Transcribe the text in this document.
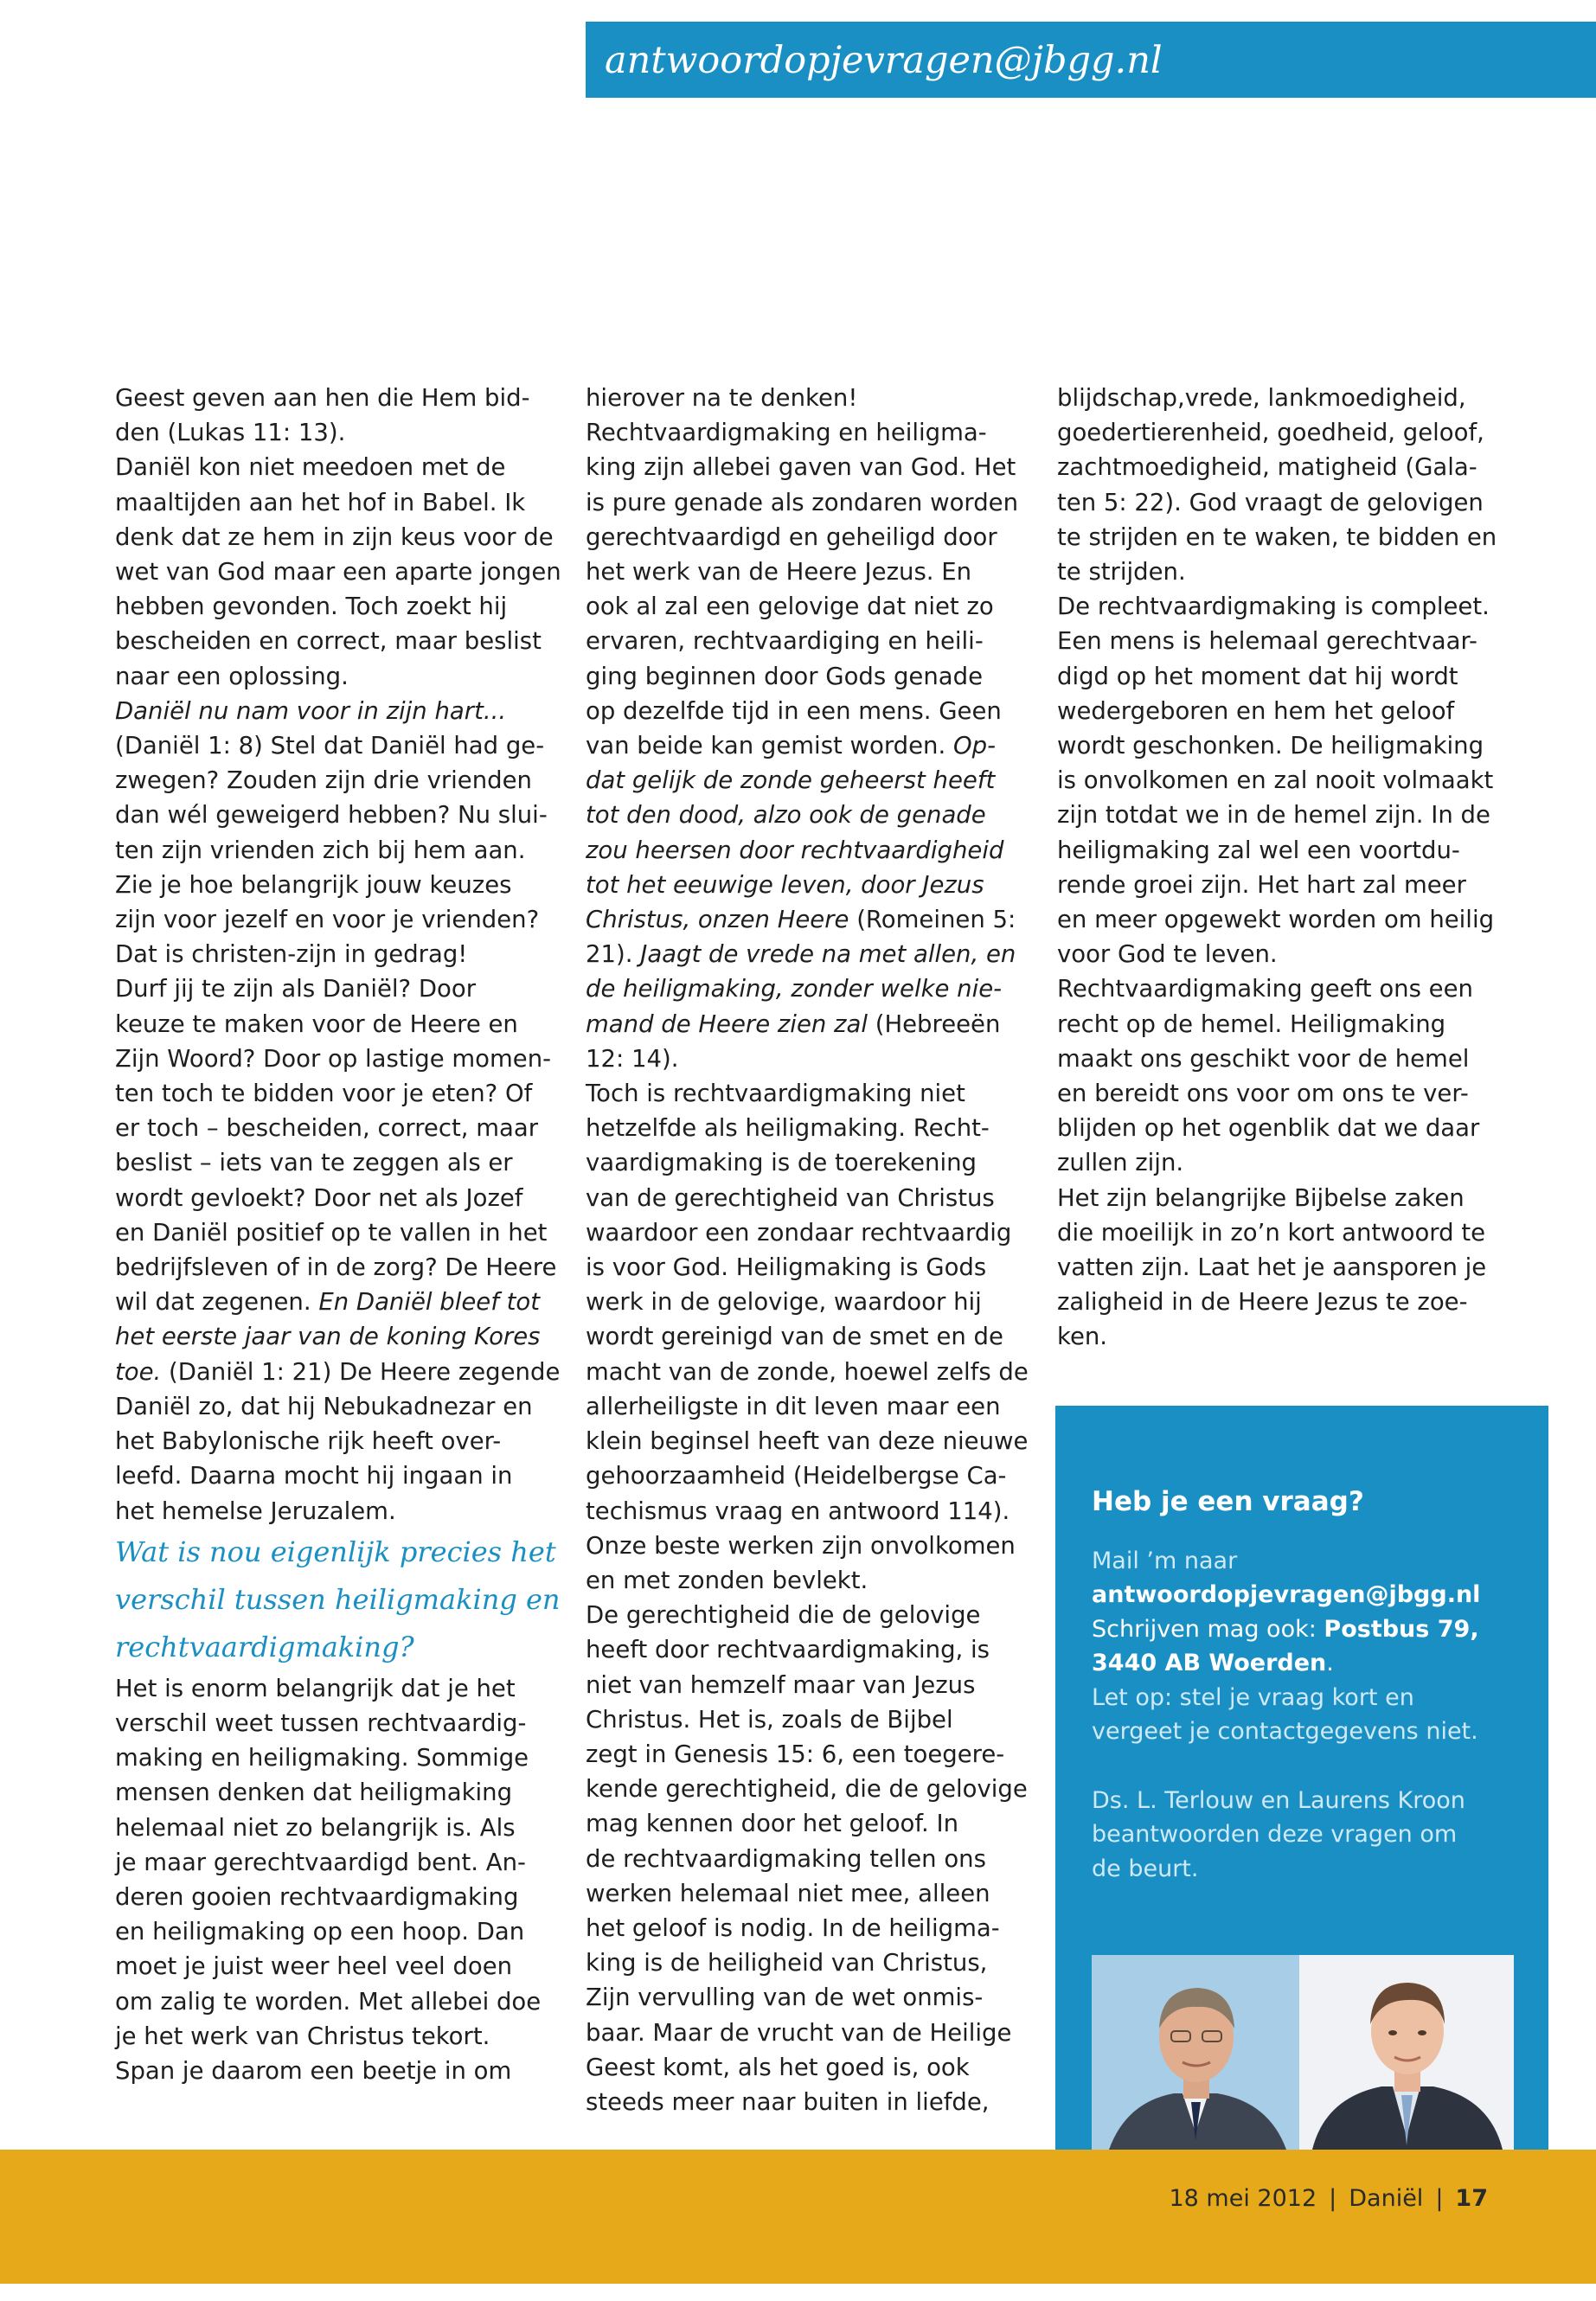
antwoordopjevragen@jbgg.nl

Geest geven aan hen die Hem bid-
den (Lukas 11: 13).
Daniël kon niet meedoen met de
maaltijden aan het hof in Babel. Ik
denk dat ze hem in zijn keus voor de
wet van God maar een aparte jongen
hebben gevonden. Toch zoekt hij
bescheiden en correct, maar beslist
naar een oplossing.
Daniël nu nam voor in zijn hart...
(Daniël 1: 8) Stel dat Daniël had ge-
zwegen? Zouden zijn drie vrienden
dan wél geweigerd hebben? Nu slui-
ten zijn vrienden zich bij hem aan.
Zie je hoe belangrijk jouw keuzes
zijn voor jezelf en voor je vrienden?
Dat is christen-zijn in gedrag!
Durf jij te zijn als Daniël? Door
keuze te maken voor de Heere en
Zijn Woord? Door op lastige momen-
ten toch te bidden voor je eten? Of
er toch – bescheiden, correct, maar
beslist – iets van te zeggen als er
wordt gevloekt? Door net als Jozef
en Daniël positief op te vallen in het
bedrijfsleven of in de zorg? De Heere
wil dat zegenen. En Daniël bleef tot
het eerste jaar van de koning Kores
toe. (Daniël 1: 21) De Heere zegende
Daniël zo, dat hij Nebukadnezar en
het Babylonische rijk heeft over-
leefd. Daarna mocht hij ingaan in
het hemelse Jeruzalem.

Wat is nou eigenlijk precies het
verschil tussen heiligmaking en
rechtvaardigmaking?

Het is enorm belangrijk dat je het
verschil weet tussen rechtvaardig-
making en heiligmaking. Sommige
mensen denken dat heiligmaking
helemaal niet zo belangrijk is. Als
je maar gerechtvaardigd bent. An-
deren gooien rechtvaardigmaking
en heiligmaking op een hoop. Dan
moet je juist weer heel veel doen
om zalig te worden. Met allebei doe
je het werk van Christus tekort.
Span je daarom een beetje in om

hierover na te denken!
Rechtvaardigmaking en heiligma-
king zijn allebei gaven van God. Het
is pure genade als zondaren worden
gerechtvaardigd en geheiligd door
het werk van de Heere Jezus. En
ook al zal een gelovige dat niet zo
ervaren, rechtvaardiging en heili-
ging beginnen door Gods genade
op dezelfde tijd in een mens. Geen
van beide kan gemist worden. Op-
dat gelijk de zonde geheerst heeft
tot den dood, alzo ook de genade
zou heersen door rechtvaardigheid
tot het eeuwige leven, door Jezus
Christus, onzen Heere (Romeinen 5:
21). Jaagt de vrede na met allen, en
de heiligmaking, zonder welke nie-
mand de Heere zien zal (Hebreeën
12: 14).
Toch is rechtvaardigmaking niet
hetzelfde als heiligmaking. Recht-
vaardigmaking is de toerekening
van de gerechtigheid van Christus
waardoor een zondaar rechtvaardig
is voor God. Heiligmaking is Gods
werk in de gelovige, waardoor hij
wordt gereinigd van de smet en de
macht van de zonde, hoewel zelfs de
allerheiligste in dit leven maar een
klein beginsel heeft van deze nieuwe
gehoorzaamheid (Heidelbergse Ca-
techismus vraag en antwoord 114).
Onze beste werken zijn onvolkomen
en met zonden bevlekt.
De gerechtigheid die de gelovige
heeft door rechtvaardigmaking, is
niet van hemzelf maar van Jezus
Christus. Het is, zoals de Bijbel
zegt in Genesis 15: 6, een toegere-
kende gerechtigheid, die de gelovige
mag kennen door het geloof. In
de rechtvaardigmaking tellen ons
werken helemaal niet mee, alleen
het geloof is nodig. In de heiligma-
king is de heiligheid van Christus,
Zijn vervulling van de wet onmis-
baar. Maar de vrucht van de Heilige
Geest komt, als het goed is, ook
steeds meer naar buiten in liefde,

blijdschap,vrede, lankmoedigheid,
goedertierenheid, goedheid, geloof,
zachtmoedigheid, matigheid (Gala-
ten 5: 22). God vraagt de gelovigen
te strijden en te waken, te bidden en
te strijden.
De rechtvaardigmaking is compleet.
Een mens is helemaal gerechtvaar-
digd op het moment dat hij wordt
wedergeboren en hem het geloof
wordt geschonken. De heiligmaking
is onvolkomen en zal nooit volmaakt
zijn totdat we in de hemel zijn. In de
heiligmaking zal wel een voortdu-
rende groei zijn. Het hart zal meer
en meer opgewekt worden om heilig
voor God te leven.
Rechtvaardigmaking geeft ons een
recht op de hemel. Heiligmaking
maakt ons geschikt voor de hemel
en bereidt ons voor om ons te ver-
blijden op het ogenblik dat we daar
zullen zijn.
Het zijn belangrijke Bijbelse zaken
die moeilijk in zo’n kort antwoord te
vatten zijn. Laat het je aansporen je
zaligheid in de Heere Jezus te zoe-
ken.

Heb je een vraag?
Mail ’m naar
antwoordopjevragen@jbgg.nl
Schrijven mag ook: Postbus 79,
3440 AB Woerden.
Let op: stel je vraag kort en
vergeet je contactgegevens niet.
Ds. L. Terlouw en Laurens Kroon
beantwoorden deze vragen om
de beurt.
18 mei 2012 | Daniël | 17
